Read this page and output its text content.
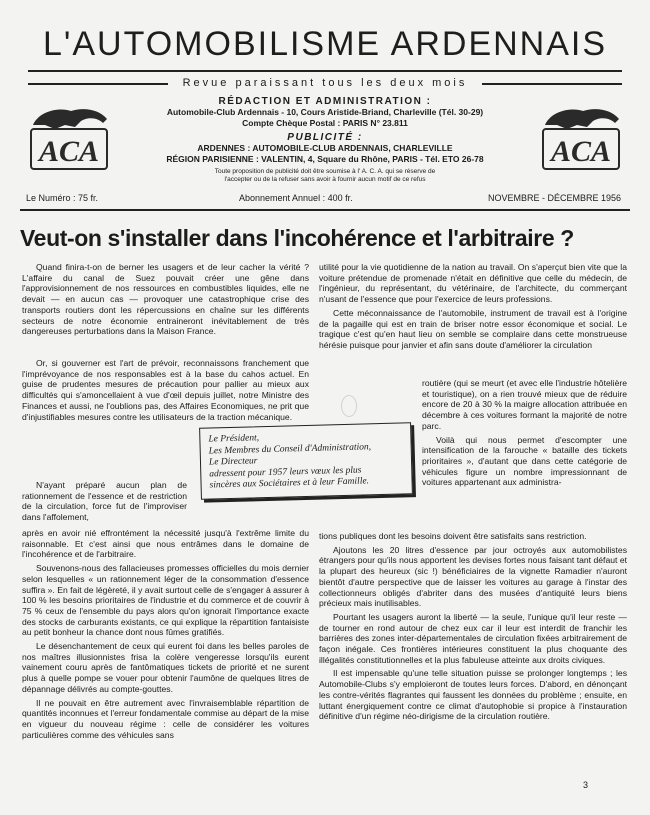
L'AUTOMOBILISME ARDENNAIS
Revue paraissant tous les deux mois
ACA	ACA
RÉDACTION ET ADMINISTRATION :
Automobile-Club Ardennais - 10, Cours Aristide-Briand, Charleville (Tél. 30-29)
Compte Chèque Postal : PARIS N° 23.811
PUBLICITÉ :
ARDENNES : AUTOMOBILE-CLUB ARDENNAIS, CHARLEVILLE
RÉGION PARISIENNE : VALENTIN, 4, Square du Rhône, PARIS - Tél. ETO 26-78
Toute proposition de publicité doit être soumise à l' A. C. A. qui se réserve de
l'accepter ou de la refuser sans avoir à fournir aucun motif de ce refus
Le Numéro : 75 fr.	Abonnement Annuel : 400 fr.	NOVEMBRE - DÉCEMBRE 1956
Veut-on s'installer dans l'incohérence et l'arbitraire ?

Quand finira-t-on de berner les usagers et de leur cacher la vérité ? L'affaire du canal de Suez pouvait créer une gêne dans l'approvisionnement de nos ressources en combustibles liquides, elle ne devait — en aucun cas — provoquer une catastrophique crise des transports routiers dont les répercussions en chaîne sur les différents secteurs de notre économie entraineront inévitablement de très dangereuses perturbations dans la Maison France.

Or, si gouverner est l'art de prévoir, reconnaissons franchement que l'imprévoyance de nos responsables est à la base du cahos actuel. En guise de prudentes mesures de précaution pour pallier au mieux aux difficultés qui s'amoncellaient à vue d'œil depuis juillet, notre Ministre des Finances et aussi, ne l'oublions pas, des Affaires Economiques, ne prit que d'injustifiables mesures contre les utilisateurs de la traction mécanique.

N'ayant préparé aucun plan de rationnement de l'essence et de restriction de la circulation, force fut de l'improviser dans l'affolement,

après en avoir nié effrontément la nécessité jusqu'à l'extrême limite du raisonnable. Et c'est ainsi que nous entrâmes dans le domaine de l'incohérence et de l'arbitraire.

Souvenons-nous des fallacieuses promesses officielles du mois dernier selon lesquelles « un rationnement léger de la consommation d'essence suffira ». En fait de légèreté, il y avait surtout celle de s'engager à assurer à 100 % les besoins prioritaires de l'industrie et du commerce et de couvrir à 75 % ceux de l'ensemble du pays alors qu'on ignorait l'importance exacte des stocks de carburants existants, ce qui explique la répartition fantaisiste au petit bonheur la chance dont nous fûmes gratifiés.

Le désenchantement de ceux qui eurent foi dans les belles paroles de nos maîtres illusionnistes frisa la colère vengeresse lorsqu'ils eurent vainement couru après de fantômatiques tickets de priorité et ne surent plus à quelle pompe se vouer pour obtenir l'aumône de quelques litres de dépannage délivrés au compte-gouttes.

Il ne pouvait en être autrement avec l'invraisemblable répartition de quantités inconnues et l'erreur fondamentale commise au départ de la mise en vigueur du nouveau régime : celle de considérer les voitures particulières comme des véhicules sans

Le Président,
Les Membres du Conseil d'Administration,
Le Directeur
adressent pour 1957 leurs vœux les plus
sincères aux Sociétaires et à leur Famille.

utilité pour la vie quotidienne de la nation au travail. On s'aperçut bien vite que la voiture prétendue de promenade n'était en définitive que celle du médecin, de l'ingénieur, du représentant, du vétérinaire, de l'architecte, du commerçant n'usant de l'essence que pour l'exercice de leurs professions.

Cette méconnaissance de l'automobile, instrument de travail est à l'origine de la pagaille qui est en train de briser notre essor économique et social. Le tragique c'est qu'en haut lieu on semble se complaire dans cette monstrueuse hérésie puisque pour janvier et afin sans doute d'améliorer la circulation

routière (qui se meurt (et avec elle l'industrie hôtelière et touristique), on a rien trouvé mieux que de réduire encore de 20 à 30 % la maigre allocation attribuée en décembre à ces voitures formant la majorité de notre parc.

Voilà qui nous permet d'escompter une intensification de la farouche « bataille des tickets prioritaires », d'autant que dans cette catégorie de véhicules figure un nombre impressionnant de voitures appartenant aux administra-

tions publiques dont les besoins doivent être satisfaits sans restriction.

Ajoutons les 20 litres d'essence par jour octroyés aux automobilistes étrangers pour qu'ils nous apportent les devises fortes nous faisant tant défaut et la plupart des heureux (sic !) bénéficiaires de la vignette Ramadier n'auront bientôt d'autre perspective que de laisser les voitures au garage à l'instar des collectionneurs obligés d'abriter dans des musées d'antiquité leurs biens précieux mais inutilisables.

Pourtant les usagers auront la liberté — la seule, l'unique qu'il leur reste — de tourner en rond autour de chez eux car il leur est interdit de franchir les barrières des zones inter-départementales de circulation fixées arbitrairement de façon inégale. Ces frontières intérieures constituent la plus choquante des illégalités constitutionnelles et la plus fabuleuse atteinte aux droits civiques.

Il est impensable qu'une telle situation puisse se prolonger longtemps ; les Automobile-Clubs s'y emploieront de toutes leurs forces. D'abord, en dénonçant les contre-vérités flagrantes qui faussent les données du problème ; ensuite, en luttant énergiquement contre ce climat d'autophobie si propice à l'instauration définitive d'un régime néo-dirigisme de la circulation routière.

3
